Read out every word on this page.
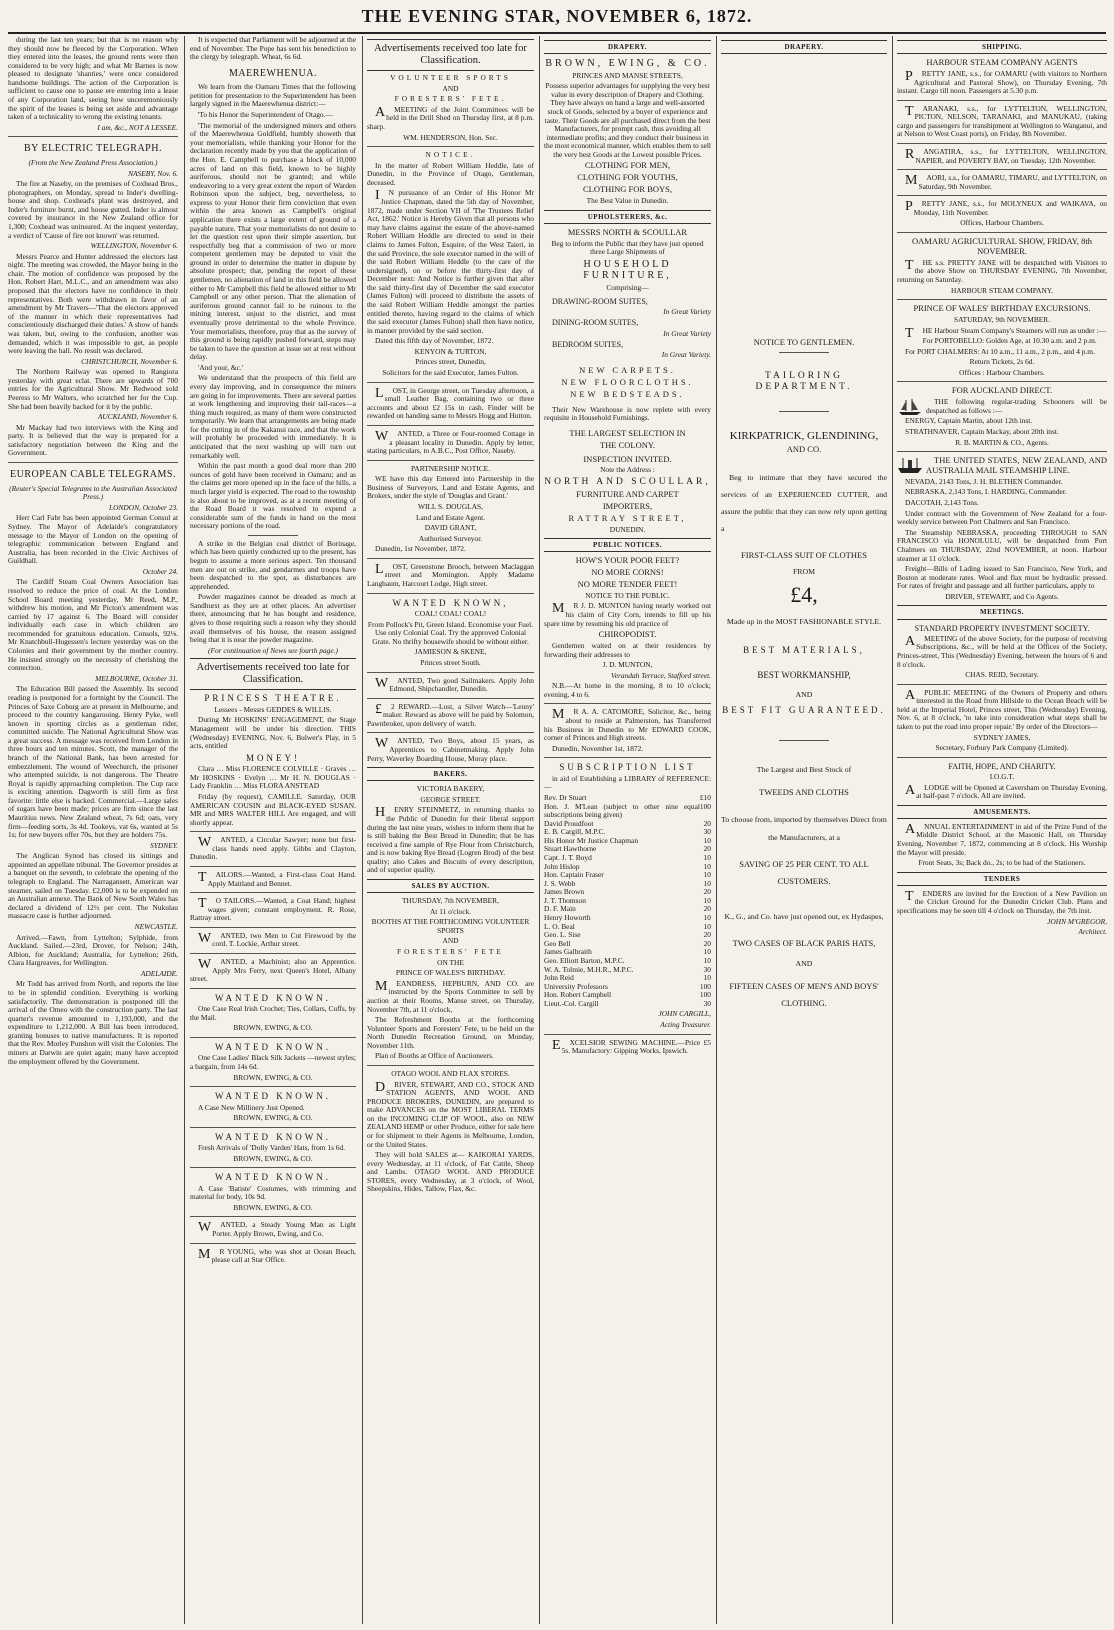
THE EVENING STAR, NOVEMBER 6, 1872.

during the last ten years; but that is no reason why they should now be fleeced by the Corporation. When they entered into the leases, the ground rents were then considered to be very high; and what Mr Barnes is now pleased to designate 'shanties,' were once considered handsome buildings. The action of the Corporation is sufficient to cause one to pause ere entering into a lease of any Corporation land, seeing how unceremoniously the spirit of the leases is being set aside and advantage taken of a technicality to wrong the existing tenants.

I am, &c., NOT A LESSEE.

BY ELECTRIC TELEGRAPH.

(From the New Zealand Press Association.)

NASEBY, Nov. 6.

The fire at Naseby, on the premises of Coxhead Bros., photographers, on Monday, spread to Inder's dwelling-house and shop. Coxhead's plant was destroyed, and Inder's furniture burnt, and house gutted. Inder is almost covered by insurance in the New Zealand office for 1,300; Coxhead was uninsured. At the inquest yesterday, a verdict of 'Cause of fire not known' was returned.

WELLINGTON, November 6.

Messrs Pearce and Hunter addressed the electors last night. The meeting was crowded, the Mayor being in the chair. The motion of confidence was proposed by the Hon. Robert Hart, M.L.C., and an amendment was also proposed that the electors have no confidence in their representatives. Both were withdrawn in favor of an amendment by Mr Travers—'That the electors approved of the manner in which their representatives had conscientiously discharged their duties.' A show of hands was taken, but, owing to the confusion, another was demanded, which it was impossible to get, as people were leaving the hall. No result was declared.

CHRISTCHURCH, November 6.

The Northern Railway was opened to Rangiora yesterday with great eclat. There are upwards of 700 entries for the Agricultural Show. Mr Redwood sold Peeress to Mr Walters, who scratched her for the Cup. She had been heavily backed for it by the public.

AUCKLAND, November 6.

Mr Mackay had two interviews with the King and party. It is believed that the way is prepared for a satisfactory negotiation between the King and the Government.

EUROPEAN CABLE TELEGRAMS.

(Reuter's Special Telegrams to the Australian Associated Press.)

LONDON, October 23.

Herr Carl Fabr has been appointed German Consul at Sydney. The Mayor of Adelaide's congratulatory message to the Mayor of London on the opening of telegraphic communication between England and Australia, has been recorded in the Civic Archives of Guildhall.

October 24.

The Cardiff Steam Coal Owners Association has resolved to reduce the price of coal. At the London School Board meeting yesterday, Mr Reed, M.P., withdrew his motion, and Mr Picton's amendment was carried by 17 against 6. The Board will consider individually each case in which children are recommended for gratuitous education. Consols, 92⅛. Mr Knatchbull-Hugessen's lecture yesterday was on the Colonies and their government by the mother country. He insisted strongly on the necessity of cherishing the connection.

MELBOURNE, October 31.

The Education Bill passed the Assembly. Its second reading is postponed for a fortnight by the Council. The Princes of Saxe Coburg are at present in Melbourne, and proceed to the country kangarooing. Henry Pyke, well known in sporting circles as a gentleman rider, committed suicide. The National Agricultural Show was a great success. A message was received from London in three hours and ten minutes. Scott, the manager of the branch of the National Bank, has been arrested for embezzlement. The wound of Weechurch, the prisoner who attempted suicide, is not dangerous. The Theatre Royal is rapidly approaching completion. The Cup race is exciting attention. Dagworth is still firm as first favorite: little else is backed. Commercial.—Large sales of sugars have been made; prices are firm since the last Mauritius news. New Zealand wheat, 7s 6d; oats, very firm—feeding sorts, 3s 4d. Tookeys, vat 6s, wanted at 5s 1s; for new buyers offer 70s, but they are holders 75s.

SYDNEY.

The Anglican Synod has closed its sittings and appointed an appellate tribunal. The Governor presides at a banquet on the seventh, to celebrate the opening of the telegraph to England. The Narragansett, American war steamer, sailed on Tuesday. £2,000 is to be expended on an Australian annexe. The Bank of New South Wales has declared a dividend of 12½ per cent. The Nukulau massacre case is further adjourned.

NEWCASTLE.

Arrived.—Fawn, from Lyttelton; Sylphide, from Auckland. Sailed.—23rd, Drover, for Nelson; 24th, Albion, for Auckland; Australia, for Lyttelton; 26th, Clara Hargreaves, for Wellington.

ADELAIDE.

Mr Todd has arrived from North, and reports the line to be in splendid condition. Everything is working satisfactorily. The demonstration is postponed till the arrival of the Omeo with the construction party. The last quarter's revenue amounted to 1,193,000, and the expenditure to 1,212,000. A Bill has been introduced, granting bonuses to native manufactures. It is reported that the Rev. Morley Punshon will visit the Colonies. The miners at Darwin are quiet again; many have accepted the employment offered by the Government.

It is expected that Parliament will be adjourned at the end of November. The Pope has sent his benediction to the clergy by telegraph. Wheat, 6s 6d.

MAEREWHENUA.

We learn from the Oamaru Times that the following petition for presentation to the Superintendent has been largely signed in the Maerewhenua district:—

'To his Honor the Superintendent of Otago.—

'The memorial of the undersigned miners and others of the Maerewhenua Goldfield, humbly showeth that your memorialists, while thanking your Honor for the declaration recently made by you that the application of the Hon. E. Campbell to purchase a block of 10,000 acres of land on this field, known to be highly auriferous, should not be granted; and while endeavoring to a very great extent the report of Warden Robinson upon the subject, beg, nevertheless, to express to your Honor their firm conviction that even within the area known as Campbell's original application there exists a large extent of ground of a payable nature. That your memorialists do not desire to let the question rest upon their simple assertion, but respectfully beg that a commission of two or more competent gentlemen may be deputed to visit the ground in order to determine the matter in dispute by absolute prospect; that, pending the report of these gentlemen, no alienation of land in this field be allowed either to Mr Campbell this field be allowed either to Mr Campbell or any other person. That the alienation of auriferous ground cannot fail to be ruinous to the mining interest, unjust to the district, and must eventually prove detrimental to the whole Province. Your memorialists, therefore, pray that as the survey of this ground is being rapidly pushed forward, steps may be taken to have the question at issue set at rest without delay.

'And your, &c.'

We understand that the prospects of this field are every day improving, and in consequence the miners are going in for improvements. There are several parties at work lengthening and improving their tail-races—a thing much required, as many of them were constructed temporarily. We learn that arrangements are being made for the cutting in of the Kakanui race, and that the work will probably be proceeded with immediately. It is anticipated that the next washing up will turn out remarkably well.

Within the past month a good deal more than 200 ounces of gold have been received in Oamaru; and as the claims get more opened up in the face of the hills, a much larger yield is expected. The road to the township is also about to be improved, as at a recent meeting of the Road Board it was resolved to expend a considerable sum of the funds in hand on the most necessary portions of the road.

A strike in the Belgian coal district of Borinage, which has been quietly conducted up to the present, has begun to assume a more serious aspect. Ten thousand men are out on strike, and gendarmes and troops have been despatched to the spot, as disturbances are apprehended.

Powder magazines cannot be dreaded as much at Sandhurst as they are at other places. An advertiser there, announcing that he has bought and residence, gives to those requiring such a reason why they should avail themselves of his house, the reason assigned being that it is near the powder magazine.

(For continuation of News see fourth page.)

Advertisements received too late for Classification.

PRINCESS THEATRE.

Lessees - Messrs GEDDES & WILLIS.

During Mr HOSKINS' ENGAGEMENT, the Stage Management will be under his direction. THIS (Wednesday) EVENING, Nov. 6, Bulwer's Play, in 5 acts, entitled

MONEY!

Clara … Miss FLORENCE COLVILLE · Graves … Mr HOSKINS · Evelyn … Mr H. N. DOUGLAS · Lady Franklin … Miss FLORA ANSTEAD

Friday (by request), CAMILLE. Saturday, OUR AMERICAN COUSIN and BLACK-EYED SUSAN. MR and MRS WALTER HILL Are engaged, and will shortly appear.

WANTED, a Circular Sawyer; none but first-class hands need apply. Gibbs and Clayton, Dunedin.

TAILORS.—Wanted, a First-class Coat Hand. Apply Maitland and Bennet.

TO TAILORS.—Wanted, a Coat Hand; highest wages given; constant employment. R. Rose, Rattray street.

WANTED, two Men to Cut Firewood by the cord. T. Lockie, Arthur street.

WANTED, a Machinist; also an Apprentice. Apply Mrs Ferry, next Queen's Hotel, Albany street.

WANTED KNOWN.

One Case Real Irish Crochet; Ties, Collars, Cuffs, by the Mail.

BROWN, EWING, & CO.

WANTED KNOWN.

One Case Ladies' Black Silk Jackets —newest styles; a bargain, from 14s 6d.

BROWN, EWING, & CO.

WANTED KNOWN.

A Case New Millinery Just Opened.

BROWN, EWING, & CO.

WANTED KNOWN.

Fresh Arrivals of 'Dolly Varden' Hats, from 1s 6d.

BROWN, EWING, & CO.

WANTED KNOWN.

A Case 'Batiste' Costumes, with trimming and material for body, 10s 9d.

BROWN, EWING, & CO.

WANTED, a Steady Young Man as Light Porter. Apply Brown, Ewing, and Co.

MR YOUNG, who was shot at Ocean Beach, please call at Star Office.

Advertisements received too late for Classification.

VOLUNTEER SPORTS

AND

FORESTERS' FETE.

AMEETING of the Joint Committees will be held in the Drill Shed on Thursday first, at 8 p.m. sharp.

WM. HENDERSON, Hon. Sec.

NOTICE.

In the matter of Robert William Heddle, late of Dunedin, in the Province of Otago, Gentleman, deceased.

IN pursuance of an Order of His Honor Mr Justice Chapman, dated the 5th day of November, 1872, made under Section VII of 'The Trustees Relief Act, 1862.' Notice is Hereby Given that all persons who may have claims against the estate of the above-named Robert William Heddle are directed to send in their claims to James Fulton, Esquire, of the West Taieri, in the said Province, the sole executor named in the will of the said Robert William Heddle (to the care of the undersigned), on or before the thirty-first day of December next: And Notice is further given that after the said thirty-first day of December the said executor (James Fulton) will proceed to distribute the assets of the said Robert William Heddle amongst the parties entitled thereto, having regard to the claims of which the said executor (James Fulton) shall then have notice, in manner provided by the said section.

Dated this fifth day of November, 1872.

KENYON & TURTON,

Princes street, Dunedin,

Solicitors for the said Executor, James Fulton.

LOST, in George street, on Tuesday afternoon, a small Leather Bag, containing two or three accounts and about £2 15s in cash. Finder will be rewarded on handing same to Messrs Hogg and Hutton.

WANTED, a Three or Four-roomed Cottage in a pleasant locality in Dunedin. Apply by letter, stating particulars, to A.B.C., Post Office, Naseby.

PARTNERSHIP NOTICE.

WE have this day Entered into Partnership in the Business of Surveyors, Land and Estate Agents, and Brokers, under the style of 'Douglas and Grant.'

WILL S. DOUGLAS,

Land and Estate Agent.

DAVID GRANT,

Authorised Surveyor.

Dunedin, 1st November, 1872.

LOST, Greenstone Brooch, between Maclaggan street and Mornington. Apply Madame Langbaum, Harcourt Lodge, High street.

WANTED KNOWN,

COAL! COAL! COAL!

From Pollock's Pit, Green Island. Economise your Fuel. Use only Colonial Coal. Try the approved Colonial Grate. No thrifty housewife should be without either.

JAMIESON & SKENE,

Princes street South.

WANTED, Two good Sailmakers. Apply John Edmond, Shipchandler, Dunedin.

£2 REWARD.—Lost, a Silver Watch—'Lenny' maker. Reward as above will be paid by Solomon, Pawnbroker, upon delivery of watch.

WANTED, Two Boys, about 15 years, as Apprentices to Cabinetmaking. Apply John Perry, Waverley Boarding House, Moray place.

BAKERS.

VICTORIA BAKERY,

GEORGE STREET.

HENRY STEINMETZ, in returning thanks to the Public of Dunedin for their liberal support during the last nine years, wishes to inform them that he is still baking the Best Bread in Dunedin; that he has received a fine sample of Rye Flour from Christchurch, and is now baking Rye Bread (Logren Brod) of the best quality; also Cakes and Biscuits of every description, and of superior quality.

SALES BY AUCTION.

THURSDAY, 7th NOVEMBER,

At 11 o'clock.

BOOTHS AT THE FORTHCOMING VOLUNTEER SPORTS

AND

FORESTERS' FETE

ON THE

PRINCE OF WALES'S BIRTHDAY.

MEANDRESS, HEPBURN, AND CO. are instructed by the Sports Committee to sell by auction at their Rooms, Manse street, on Thursday, November 7th, at 11 o'clock,

The Refreshment Booths at the forthcoming Volunteer Sports and Foresters' Fete, to be held on the North Dunedin Recreation Ground, on Monday, November 11th.

Plan of Booths at Office of Auctioneers.

OTAGO WOOL AND FLAX STORES.

DRIVER, STEWART, AND CO., STOCK AND STATION AGENTS, AND WOOL AND PRODUCE BROKERS, DUNEDIN, are prepared to make ADVANCES on the MOST LIBERAL TERMS on the INCOMING CLIP OF WOOL, also on NEW ZEALAND HEMP or other Produce, either for sale here or for shipment to their Agents in Melbourne, London, or the United States.

They will hold SALES at— KAIKORAI YARDS, every Wednesday, at 11 o'clock, of Fat Cattle, Sheep and Lambs. OTAGO WOOL AND PRODUCE STORES, every Wednesday, at 3 o'clock, of Wool, Sheepskins, Hides, Tallow, Flax, &c.

DRAPERY.

BROWN, EWING, & CO.

PRINCES AND MANSE STREETS,

Possess superior advantages for supplying the very best value in every description of Drapery and Clothing. They have always on hand a large and well-assorted stock of Goods, selected by a buyer of experience and taste. Their Goods are all purchased direct from the best Manufacturers, for prompt cash, thus avoiding all intermediate profits; and they conduct their business in the most economical manner, which enables them to sell the very best Goods at the Lowest possible Prices.

CLOTHING FOR MEN,

CLOTHING FOR YOUTHS,

CLOTHING FOR BOYS,

The Best Value in Dunedin.

UPHOLSTERERS, &c.

MESSRS NORTH & SCOULLAR

Beg to inform the Public that they have just opened three Large Shipments of

HOUSEHOLD FURNITURE,

Comprising—

DRAWING-ROOM SUITES,

In Great Variety

DINING-ROOM SUITES,

In Great Variety

BEDROOM SUITES,

In Great Variety.

NEW CARPETS.

NEW FLOORCLOTHS.

NEW BEDSTEADS.

Their New Warehouse is now replete with every requisite in Household Furnishings.

THE LARGEST SELECTION IN

THE COLONY.

INSPECTION INVITED.

Note the Address :

NORTH AND SCOULLAR,

FURNITURE AND CARPET

IMPORTERS,

RATTRAY STREET,

DUNEDIN.

PUBLIC NOTICES.

HOW'S YOUR POOR FEET?

NO MORE CORNS!

NO MORE TENDER FEET!

NOTICE TO THE PUBLIC.

MR J. D. MUNTON having nearly worked out his claim of City Corn, intends to fill up his spare time by resuming his old practice of

CHIROPODIST.

Gentlemen waited on at their residences by forwarding their addresses to

J. D. MUNTON,

Verandah Terrace, Stafford street.

N.B.—At home in the morning, 8 to 10 o'clock; evening, 4 to 6.

MR A. A. CATOMORE, Solicitor, &c., being about to reside at Palmerston, has Transferred his Business in Dunedin to Mr EDWARD COOK, corner of Princes and High streets.

Dunedin, November 1st, 1872.

SUBSCRIPTION LIST

in aid of Establishing a LIBRARY of REFERENCE:—

Rev. Dr Stuart	£10
Hon. J. M'Lean (subject to other nine equal subscriptions being given)
100
David Proudfoot	20
E. B. Cargill, M.P.C.	30
His Honor Mr Justice Chapman	10
Stuart Hawthorne	20
Capt. J. T. Boyd	10
John Hislop	10
Hon. Captain Fraser	10
J. S. Webb	10
James Brown	20
J. T. Thomson	10
D. F. Main	20
Henry Howorth	10
L. O. Beal	10
Geo. L. Sise	20
Geo Bell	20
James Galbraith	10
Geo. Elliott Barton, M.P.C.	10
W. A. Tolmie, M.H.R., M.P.C.	30
John Reid	10
University Professors	100
Hon. Robert Campbell	100
Lieut.-Col. Cargill	30

JOHN CARGILL,

Acting Treasurer.

EXCELSIOR SEWING MACHINE.—Price £5 5s. Manufactory: Gipping Works, Ipswich.

DRAPERY.

NOTICE TO GENTLEMEN.

TAILORING DEPARTMENT.

KIRKPATRICK, GLENDINING,

AND CO.

Beg to intimate that they have secured the services of an EXPERIENCED CUTTER, and assure the public that they can now rely upon getting a

FIRST-CLASS SUIT OF CLOTHES

FROM

£4,

Made up in the MOST FASHIONABLE STYLE.

BEST MATERIALS,

BEST WORKMANSHIP,

AND

BEST FIT GUARANTEED.

The Largest and Best Stock of

TWEEDS AND CLOTHS

To choose from, imported by themselves Direct from the Manufacturers, at a

SAVING OF 25 PER CENT. TO ALL CUSTOMERS.

K., G., and Co. have just opened out, ex Hydaspes,

TWO CASES OF BLACK PARIS HATS,

AND

FIFTEEN CASES OF MEN'S AND BOYS' CLOTHING.

SHIPPING.

HARBOUR STEAM COMPANY AGENTS

PRETTY JANE, s.s., for OAMARU (with visitors to Northern Agricultural and Pastoral Show), on Thursday Evening, 7th instant. Cargo till noon. Passengers at 5.30 p.m.

TARANAKI, s.s., for LYTTELTON, WELLINGTON, PICTON, NELSON, TARANAKI, and MANUKAU, (taking cargo and passengers for transhipment at Wellington to Wanganui, and at Nelson to West Coast ports), on Friday, 8th November.

RANGATIRA, s.s., for LYTTELTON, WELLINGTON, NAPIER, and POVERTY BAY, on Tuesday, 12th November.

MAORI, s.s., for OAMARU, TIMARU, and LYTTELTON, on Saturday, 9th November.

PRETTY JANE, s.s., for MOLYNEUX and WAIKAVA, on Monday, 11th November.

Offices, Harbour Chambers.

OAMARU AGRICULTURAL SHOW, FRIDAY, 8th NOVEMBER.

THE s.s. PRETTY JANE will be despatched with Visitors to the above Show on THURSDAY EVENING, 7th November, returning on Saturday.

HARBOUR STEAM COMPANY.

PRINCE OF WALES' BIRTHDAY EXCURSIONS.

SATURDAY, 9th NOVEMBER.

THE Harbour Steam Company's Steamers will run as under :—

For PORTOBELLO: Golden Age, at 10.30 a.m. and 2 p.m.

For PORT CHALMERS: At 10 a.m., 11 a.m., 2 p.m., and 4 p.m.

Return Tickets, 2s 6d.

Offices : Harbour Chambers.

FOR AUCKLAND DIRECT.

THE following regular-trading Schooners will be despatched as follows :—

ENERGY, Captain Martin, about 12th inst.

STRATHNAVER, Captain Mackay, about 20th inst.

R. B. MARTIN & CO., Agents.

THE UNITED STATES, NEW ZEALAND, AND AUSTRALIA MAIL STEAMSHIP LINE.

NEVADA, 2143 Tons, J. H. BLETHEN Commander.

NEBRASKA, 2,143 Tons, I. HARDING, Commander.

DACOTAH, 2,143 Tons.

Under contract with the Government of New Zealand for a four-weekly service between Port Chalmers and San Francisco.

The Steamship NEBRASKA, proceeding THROUGH to SAN FRANCISCO via HONOLULU, will be despatched from Port Chalmers on THURSDAY, 22nd NOVEMBER, at noon. Harbour steamer at 11 o'clock.

Freight—Bills of Lading issued to San Francisco, New York, and Boston at moderate rates. Wool and flax must be hydraulic pressed. For rates of freight and passage and all further particulars, apply to

DRIVER, STEWART, and Co Agents.

MEETINGS.

STANDARD PROPERTY INVESTMENT SOCIETY.

AMEETING of the above Society, for the purpose of receiving Subscriptions, &c., will be held at the Offices of the Society, Princes-street, This (Wednesday) Evening, between the hours of 6 and 8 o'clock.

CHAS. REID, Secretary.

APUBLIC MEETING of the Owners of Property and others interested in the Road from Hillside to the Ocean Beach will be held at the Imperial Hotel, Princes street, This (Wednesday) Evening, Nov. 6, at 8 o'clock, 'to take into consideration what steps shall be taken to put the road into proper repair.' By order of the Directors—

SYDNEY JAMES,

Secretary, Forbury Park Company (Limited).

FAITH, HOPE, AND CHARITY.

I.O.G.T.

ALODGE will be Opened at Caversham on Thursday Evening, at half-past 7 o'clock. All are invited.

AMUSEMENTS.

ANNUAL ENTERTAINMENT in aid of the Prize Fund of the Middle District School, at the Masonic Hall, on Thursday Evening, November 7, 1872, commencing at 8 o'clock. His Worship the Mayor will preside.

Front Seats, 3s; Back do., 2s; to be had of the Stationers.

TENDERS

TENDERS are invited for the Erection of a New Pavilion on the Cricket Ground for the Dunedin Cricket Club. Plans and specifications may be seen till 4 o'clock on Thursday, the 7th inst.

JOHN M'GREGOR,

Architect.
